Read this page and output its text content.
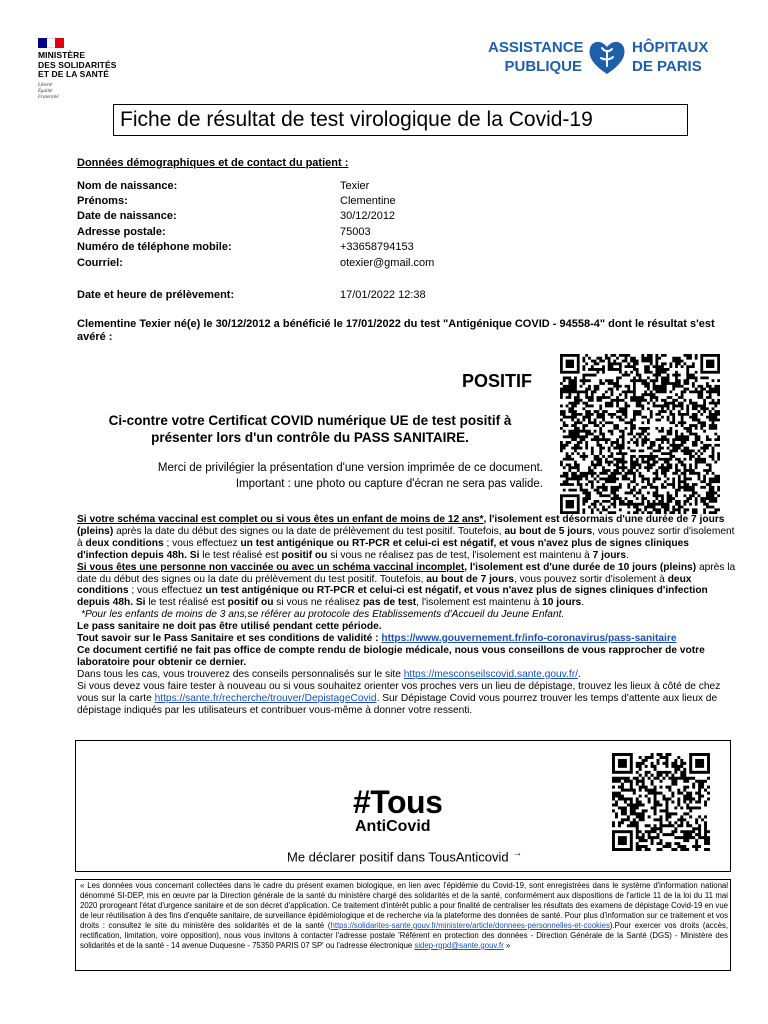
MINISTÈRE
DES SOLIDARITÉS
ET DE LA SANTÉ
Liberté
Égalité
Fraternité
ASSISTANCE
PUBLIQUE
HÔPITAUX
DE PARIS
Fiche de résultat de test virologique de la Covid-19
Données démographiques et de contact du patient :
Nom de naissance:	Texier
Prénoms:	Clementine
Date de naissance:	30/12/2012
Adresse postale:	75003
Numéro de téléphone mobile:	+33658794153
Courriel:	otexier@gmail.com
Date et heure de prélèvement:	17/01/2022 12:38
Clementine Texier né(e) le 30/12/2012 a bénéficié le 17/01/2022 du test "Antigénique COVID - 94558-4" dont le résultat s'est avéré :
POSITIF
Ci-contre votre Certificat COVID numérique UE de test positif à présenter lors d'un contrôle du PASS SANITAIRE.
Merci de privilégier la présentation d'une version imprimée de ce document.
Important : une photo ou capture d'écran ne sera pas valide.

Si votre schéma vaccinal est complet ou si vous êtes un enfant de moins de 12 ans*, l'isolement est désormais d'une durée de 7 jours (pleins) après la date du début des signes ou la date de prélèvement du test positif. Toutefois, au bout de 5 jours, vous pouvez sortir d'isolement à deux conditions ; vous effectuez un test antigénique ou RT-PCR et celui-ci est négatif, et vous n'avez plus de signes cliniques d'infection depuis 48h. Si le test réalisé est positif ou si vous ne réalisez pas de test, l'isolement est maintenu à 7 jours.

Si vous êtes une personne non vaccinée ou avec un schéma vaccinal incomplet, l'isolement est d'une durée de 10 jours (pleins) après la date du début des signes ou la date du prélèvement du test positif. Toutefois, au bout de 7 jours, vous pouvez sortir d'isolement à deux conditions ; vous effectuez un test antigénique ou RT-PCR et celui-ci est négatif, et vous n'avez plus de signes cliniques d'infection depuis 48h. Si le test réalisé est positif ou si vous ne réalisez pas de test, l'isolement est maintenu à 10 jours.

*Pour les enfants de moins de 3 ans,se référer au protocole des Etablissements d'Accueil du Jeune Enfant.

Le pass sanitaire ne doit pas être utilisé pendant cette période.

Tout savoir sur le Pass Sanitaire et ses conditions de validité : https://www.gouvernement.fr/info-coronavirus/pass-sanitaire

Ce document certifié ne fait pas office de compte rendu de biologie médicale, nous vous conseillons de vous rapprocher de votre laboratoire pour obtenir ce dernier.

Dans tous les cas, vous trouverez des conseils personnalisés sur le site https://mesconseilscovid.sante.gouv.fr/.

Si vous devez vous faire tester à nouveau ou si vous souhaitez orienter vos proches vers un lieu de dépistage, trouvez les lieux à côté de chez vous sur la carte https://sante.fr/recherche/trouver/DepistageCovid. Sur Dépistage Covid vous pourrez trouver les temps d'attente aux lieux de dépistage indiqués par les utilisateurs et contribuer vous-même à donner votre ressenti.

#Tous
AntiCovid
Me déclarer positif dans TousAnticovid →
« Les données vous concernant collectées dans le cadre du présent examen biologique, en lien avec l'épidémie du Covid-19, sont enregistrées dans le système d'information national dénommé SI-DEP, mis en œuvre par la Direction générale de la santé du ministère chargé des solidarités et de la santé, conformément aux dispositions de l'article 11 de la loi du 11 mai 2020 prorogeant l'état d'urgence sanitaire et de son décret d'application. Ce traitement d'intérêt public a pour finalité de centraliser les résultats des examens de dépistage Covid-19 en vue de leur réutilisation à des fins d'enquête sanitaire, de surveillance épidémiologique et de recherche via la plateforme des données de santé. Pour plus d'information sur ce traitement et vos droits : consultez le site du ministère des solidarités et de la santé (https://solidarites-sante.gouv.fr/ministere/article/donnees-personnelles-et-cookies).Pour exercer vos droits (accès, rectification, limitation, voire opposition), nous vous invitons à contacter l'adresse postale 'Référent en protection des données - Direction Générale de la Santé (DGS) - Ministère des solidarités et de la santé - 14 avenue Duquesne - 75350 PARIS 07 SP' ou l'adresse électronique sidep-rgpd@sante.gouv.fr »
